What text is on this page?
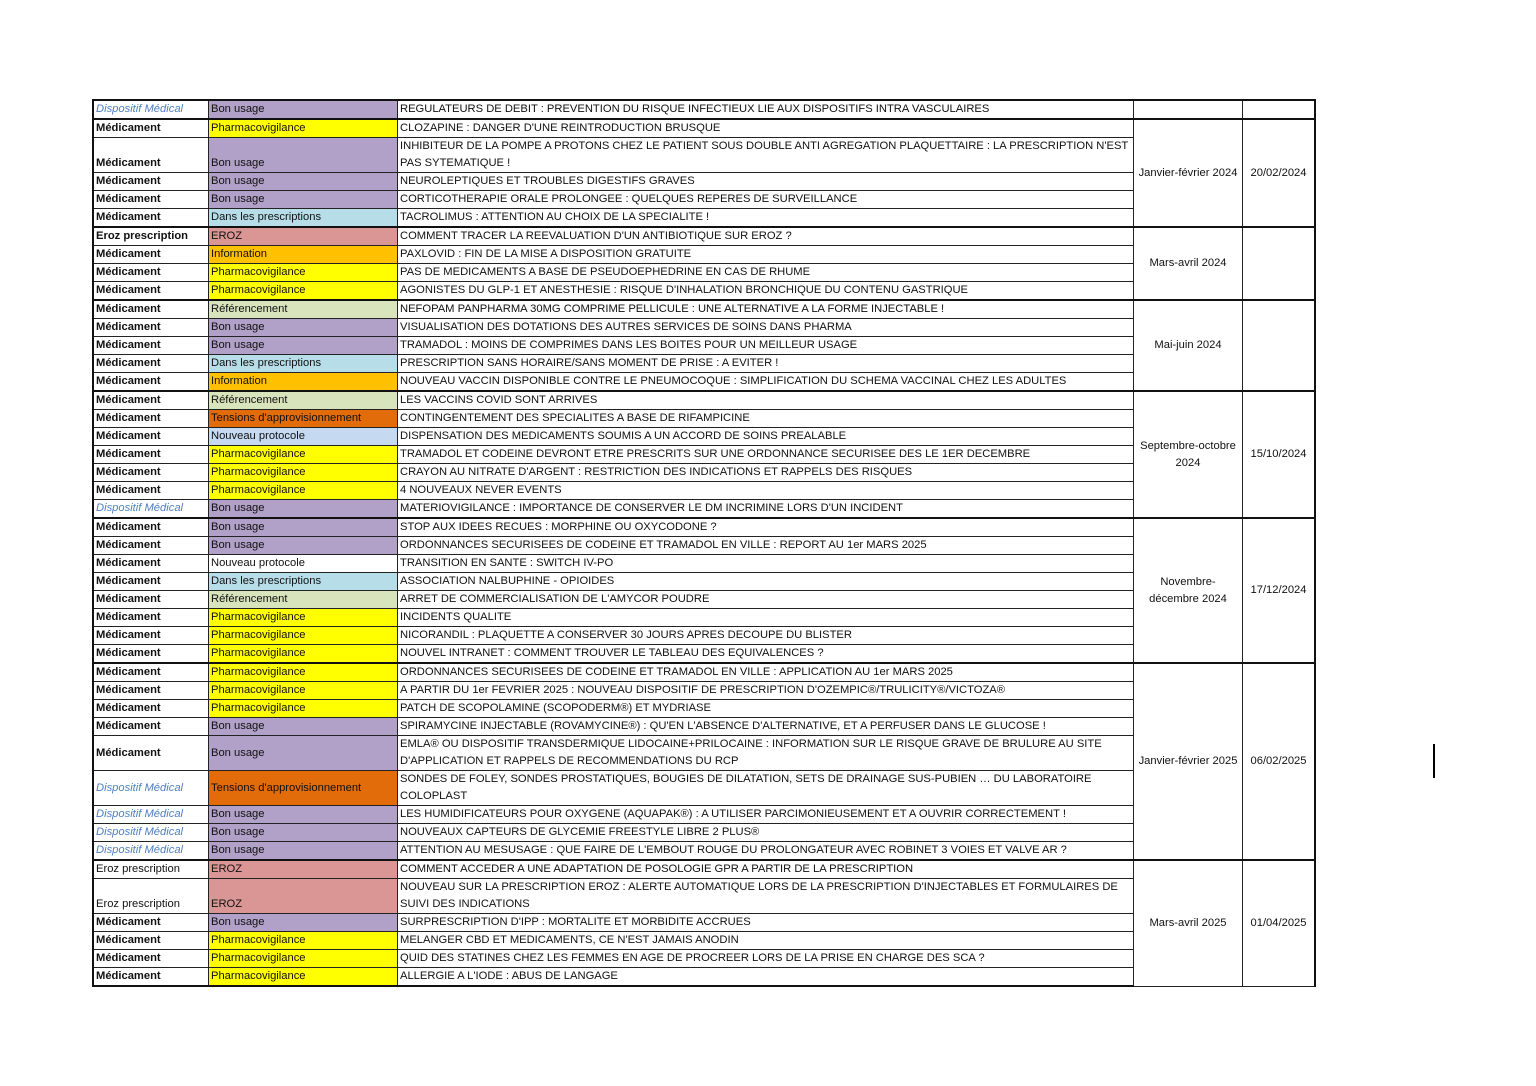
Dispositif Médical	Bon usage	REGULATEURS DE DEBIT : PREVENTION DU RISQUE INFECTIEUX LIE AUX DISPOSITIFS INTRA VASCULAIRES		
Médicament	Pharmacovigilance	CLOZAPINE : DANGER D'UNE REINTRODUCTION BRUSQUE	Janvier-février 2024	20/02/2024
Médicament	Bon usage	INHIBITEUR DE LA POMPE A PROTONS CHEZ LE PATIENT SOUS DOUBLE ANTI AGREGATION PLAQUETTAIRE : LA PRESCRIPTION N'EST PAS SYTEMATIQUE !		
Médicament	Bon usage	NEUROLEPTIQUES ET TROUBLES DIGESTIFS GRAVES		
Médicament	Bon usage	CORTICOTHERAPIE ORALE PROLONGEE : QUELQUES REPERES DE SURVEILLANCE		
Médicament	Dans les prescriptions	TACROLIMUS : ATTENTION AU CHOIX DE LA SPECIALITE !		
Eroz prescription	EROZ	COMMENT TRACER LA REEVALUATION D'UN ANTIBIOTIQUE SUR EROZ ?	Mars-avril 2024	
Médicament	Information	PAXLOVID : FIN DE LA MISE A DISPOSITION GRATUITE		
Médicament	Pharmacovigilance	PAS DE MEDICAMENTS A BASE DE PSEUDOEPHEDRINE EN CAS DE RHUME		
Médicament	Pharmacovigilance	AGONISTES DU GLP-1 ET ANESTHESIE : RISQUE D'INHALATION BRONCHIQUE DU CONTENU GASTRIQUE		
Médicament	Référencement	NEFOPAM PANPHARMA 30MG COMPRIME PELLICULE : UNE ALTERNATIVE A LA FORME INJECTABLE !	Mai-juin 2024	
Médicament	Bon usage	VISUALISATION DES DOTATIONS DES AUTRES SERVICES DE SOINS DANS PHARMA		
Médicament	Bon usage	TRAMADOL : MOINS DE COMPRIMES DANS LES BOITES POUR UN MEILLEUR USAGE		
Médicament	Dans les prescriptions	PRESCRIPTION SANS HORAIRE/SANS MOMENT DE PRISE : A EVITER !		
Médicament	Information	NOUVEAU VACCIN DISPONIBLE CONTRE LE PNEUMOCOQUE : SIMPLIFICATION DU SCHEMA VACCINAL CHEZ LES ADULTES		
Médicament	Référencement	LES VACCINS COVID SONT ARRIVES	Septembre-octobre 2024	15/10/2024
Médicament	Tensions d'approvisionnement	CONTINGENTEMENT DES SPECIALITES A BASE DE RIFAMPICINE		
Médicament	Nouveau protocole	DISPENSATION DES MEDICAMENTS SOUMIS A UN ACCORD DE SOINS PREALABLE		
Médicament	Pharmacovigilance	TRAMADOL ET CODEINE DEVRONT ETRE PRESCRITS SUR UNE ORDONNANCE SECURISEE DES LE 1ER DECEMBRE		
Médicament	Pharmacovigilance	CRAYON AU NITRATE D'ARGENT : RESTRICTION DES INDICATIONS ET RAPPELS DES RISQUES		
Médicament	Pharmacovigilance	4 NOUVEAUX NEVER EVENTS		
Dispositif Médical	Bon usage	MATERIOVIGILANCE : IMPORTANCE DE CONSERVER LE DM INCRIMINE LORS D'UN INCIDENT		
Médicament	Bon usage	STOP AUX IDEES RECUES : MORPHINE OU OXYCODONE ?	Novembre-décembre 2024	17/12/2024
Médicament	Bon usage	ORDONNANCES SECURISEES DE CODEINE ET TRAMADOL EN VILLE : REPORT AU 1er MARS 2025		
Médicament	Nouveau protocole	TRANSITION EN SANTE : SWITCH IV-PO		
Médicament	Dans les prescriptions	ASSOCIATION NALBUPHINE - OPIOIDES		
Médicament	Référencement	ARRET DE COMMERCIALISATION DE L'AMYCOR POUDRE		
Médicament	Pharmacovigilance	INCIDENTS QUALITE		
Médicament	Pharmacovigilance	NICORANDIL : PLAQUETTE A CONSERVER 30 JOURS APRES DECOUPE DU BLISTER		
Médicament	Pharmacovigilance	NOUVEL INTRANET : COMMENT TROUVER LE TABLEAU DES EQUIVALENCES ?		
Médicament	Pharmacovigilance	ORDONNANCES SECURISEES DE CODEINE ET TRAMADOL EN VILLE : APPLICATION AU 1er MARS 2025	Janvier-février 2025	06/02/2025
Médicament	Pharmacovigilance	A PARTIR DU 1er FEVRIER 2025 : NOUVEAU DISPOSITIF DE PRESCRIPTION D'OZEMPIC®/TRULICITY®/VICTOZA®		
Médicament	Pharmacovigilance	PATCH DE SCOPOLAMINE (SCOPODERM®) ET MYDRIASE		
Médicament	Bon usage	SPIRAMYCINE INJECTABLE (ROVAMYCINE®) : QU'EN L'ABSENCE D'ALTERNATIVE, ET A PERFUSER DANS LE GLUCOSE !		
Médicament	Bon usage	EMLA® OU DISPOSITIF TRANSDERMIQUE LIDOCAINE+PRILOCAINE : INFORMATION SUR LE RISQUE GRAVE DE BRULURE AU SITE D'APPLICATION ET RAPPELS DE RECOMMENDATIONS DU RCP		
Dispositif Médical	Tensions d'approvisionnement	SONDES DE FOLEY, SONDES PROSTATIQUES, BOUGIES DE DILATATION, SETS DE DRAINAGE SUS-PUBIEN … DU LABORATOIRE COLOPLAST		
Dispositif Médical	Bon usage	LES HUMIDIFICATEURS POUR OXYGENE (AQUAPAK®) : A UTILISER PARCIMONIEUSEMENT ET A OUVRIR CORRECTEMENT !		
Dispositif Médical	Bon usage	NOUVEAUX CAPTEURS DE GLYCEMIE FREESTYLE LIBRE 2 PLUS®		
Dispositif Médical	Bon usage	ATTENTION AU MESUSAGE : QUE FAIRE DE L'EMBOUT ROUGE DU PROLONGATEUR AVEC ROBINET 3 VOIES ET VALVE AR ?		
Eroz prescription	EROZ	COMMENT ACCEDER A UNE ADAPTATION DE POSOLOGIE GPR A PARTIR DE LA PRESCRIPTION	Mars-avril 2025	01/04/2025
Eroz prescription	EROZ	NOUVEAU SUR LA PRESCRIPTION EROZ : ALERTE AUTOMATIQUE LORS DE LA PRESCRIPTION D'INJECTABLES ET FORMULAIRES DE SUIVI DES INDICATIONS		
Médicament	Bon usage	SURPRESCRIPTION D'IPP : MORTALITE ET MORBIDITE ACCRUES		
Médicament	Pharmacovigilance	MELANGER CBD ET MEDICAMENTS, CE N'EST JAMAIS ANODIN		
Médicament	Pharmacovigilance	QUID DES STATINES CHEZ LES FEMMES EN AGE DE PROCREER LORS DE LA PRISE EN CHARGE DES SCA ?		
Médicament	Pharmacovigilance	ALLERGIE A L'IODE : ABUS DE LANGAGE		
